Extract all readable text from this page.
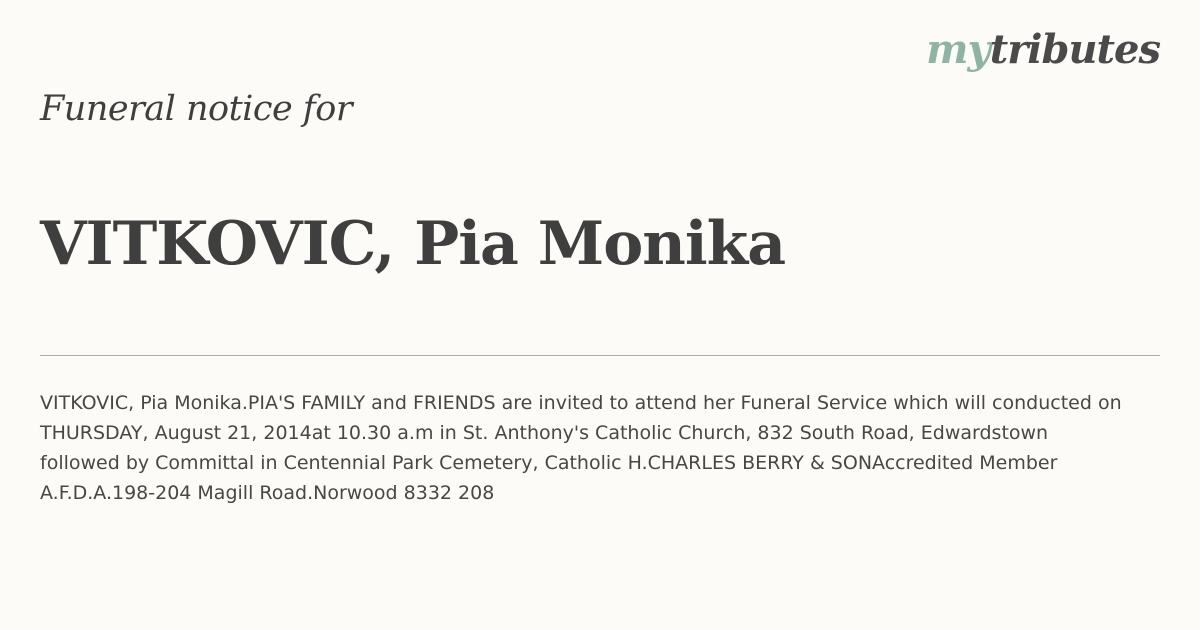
mytributes
Funeral notice for
VITKOVIC, Pia Monika
VITKOVIC, Pia Monika.PIA'S FAMILY and FRIENDS are invited to attend her Funeral Service which will conducted on THURSDAY, August 21, 2014at 10.30 a.m in St. Anthony's Catholic Church, 832 South Road, Edwardstown followed by Committal in Centennial Park Cemetery, Catholic H.CHARLES BERRY & SONAccredited Member A.F.D.A.198-204 Magill Road.Norwood 8332 208
